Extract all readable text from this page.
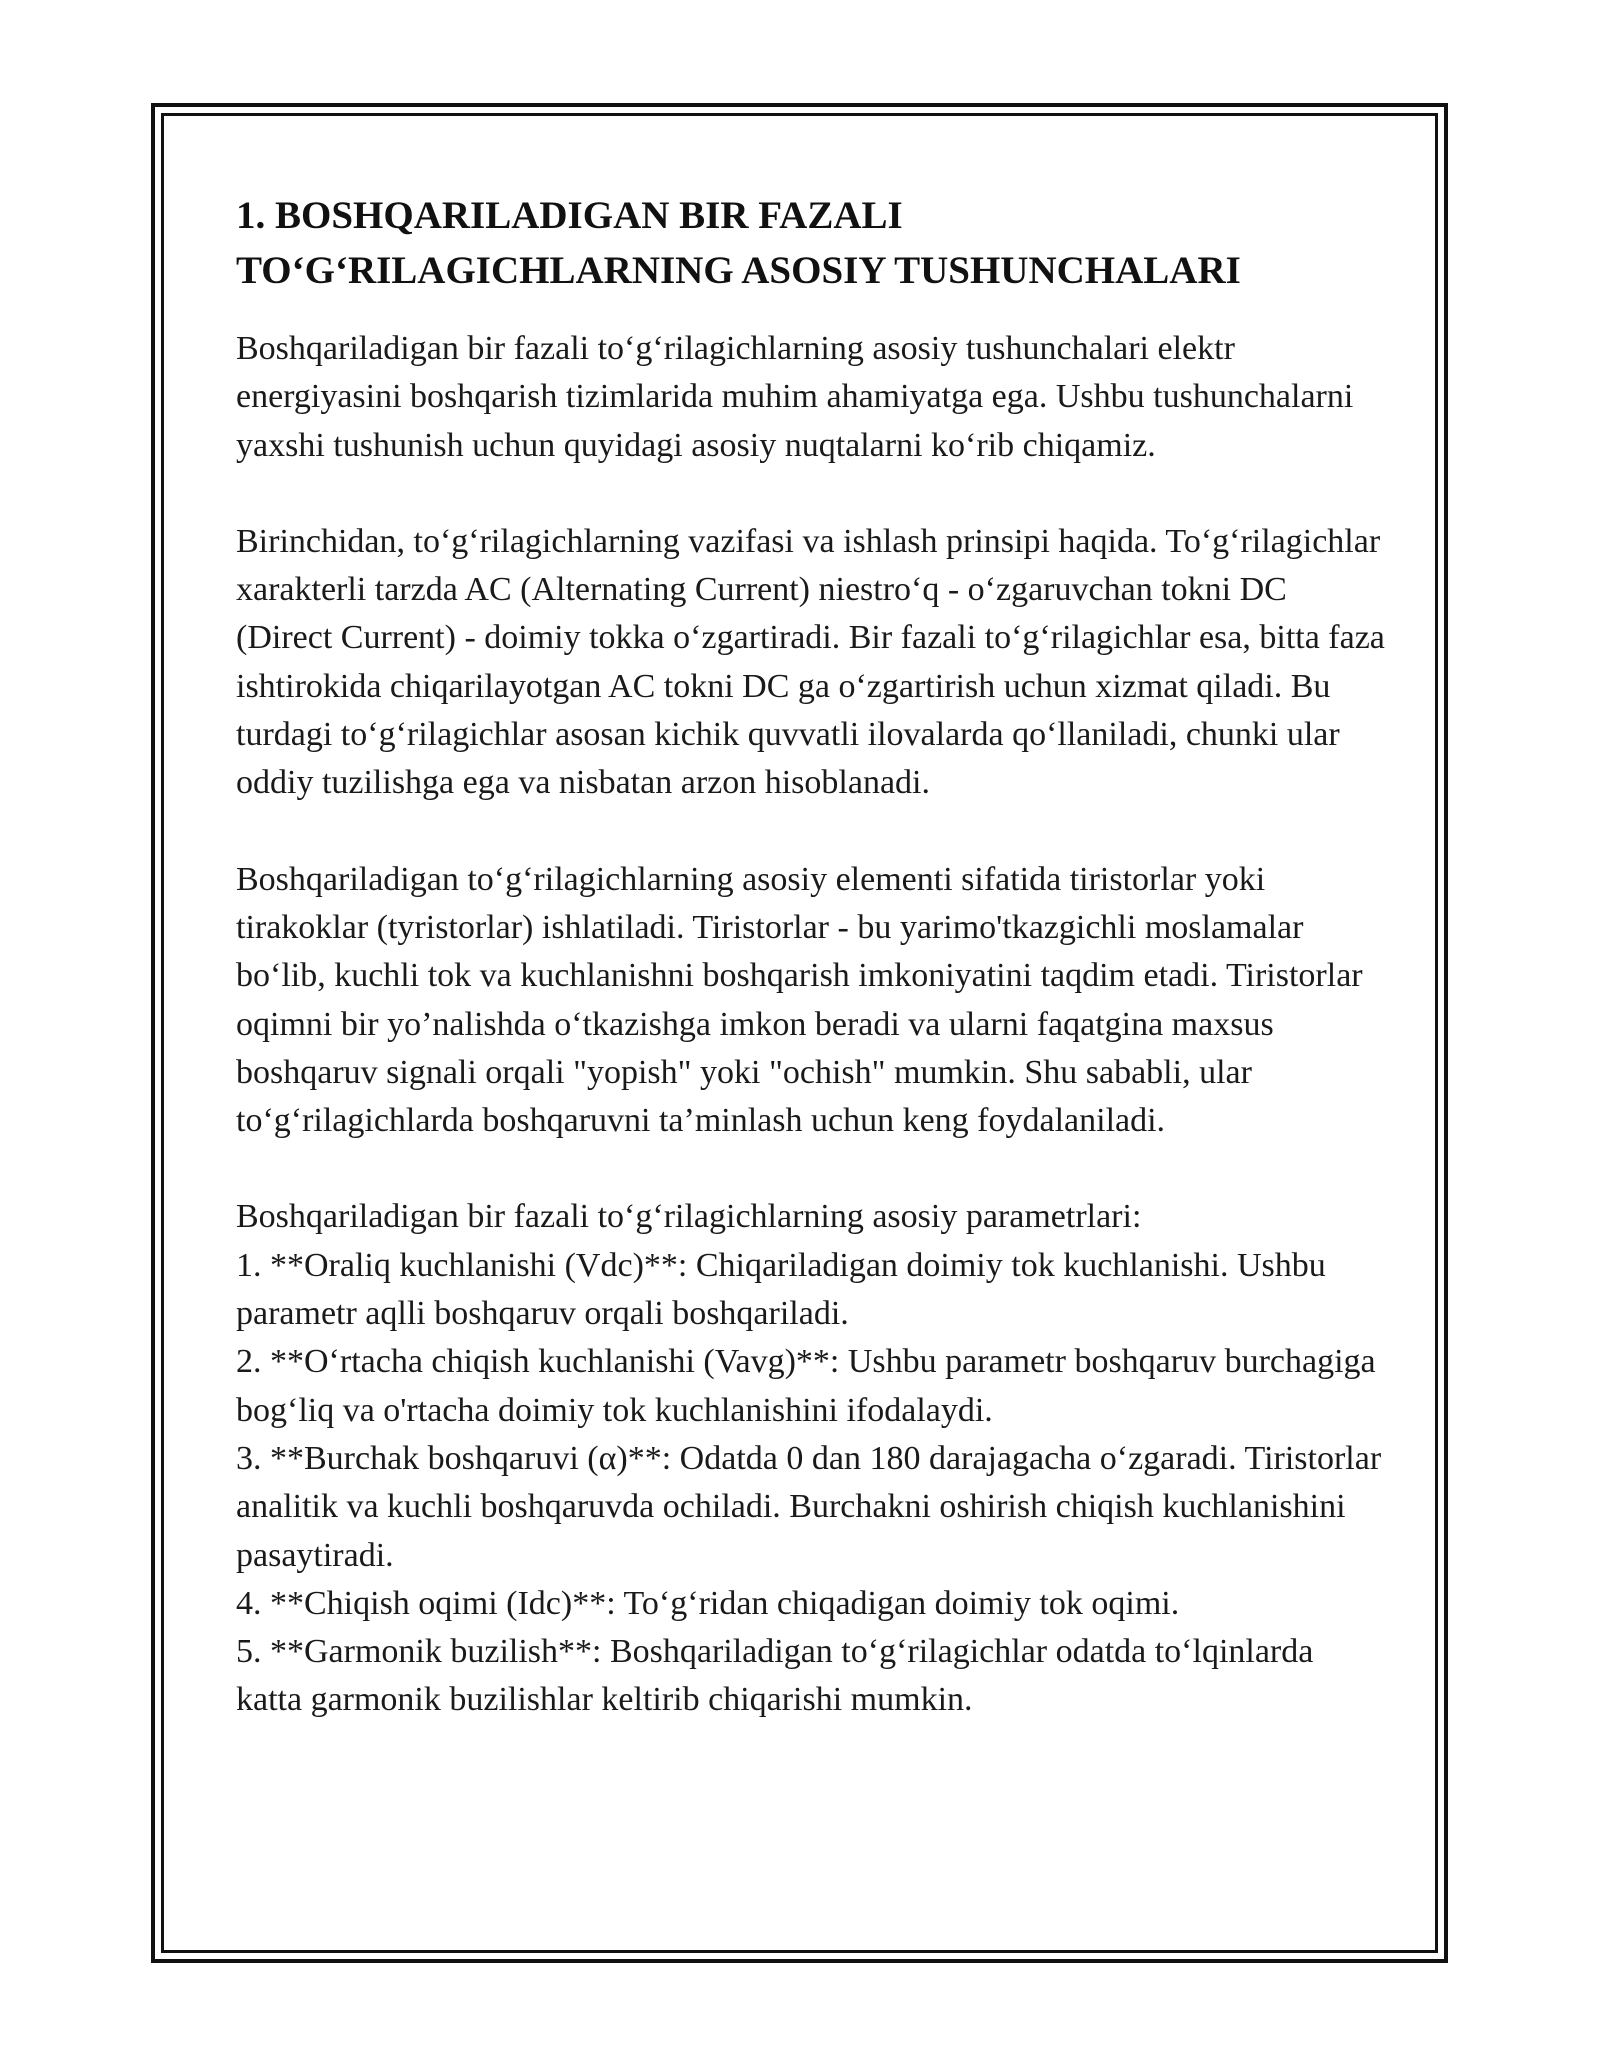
1. BOSHQARILADIGAN BIR FAZALI
TO‘G‘RILAGICHLARNING ASOSIY TUSHUNCHALARI

Boshqariladigan bir fazali to‘g‘rilagichlarning asosiy tushunchalari elektr energiyasini boshqarish tizimlarida muhim ahamiyatga ega. Ushbu tushunchalarni yaxshi tushunish uchun quyidagi asosiy nuqtalarni ko‘rib chiqamiz.

Birinchidan, to‘g‘rilagichlarning vazifasi va ishlash prinsipi haqida. To‘g‘rilagichlar xarakterli tarzda AC (Alternating Current) niestro‘q - o‘zgaruvchan tokni DC (Direct Current) - doimiy tokka o‘zgartiradi. Bir fazali to‘g‘rilagichlar esa, bitta faza ishtirokida chiqarilayotgan AC tokni DC ga o‘zgartirish uchun xizmat qiladi. Bu turdagi to‘g‘rilagichlar asosan kichik quvvatli ilovalarda qo‘llaniladi, chunki ular oddiy tuzilishga ega va nisbatan arzon hisoblanadi.

Boshqariladigan to‘g‘rilagichlarning asosiy elementi sifatida tiristorlar yoki tirakoklar (tyristorlar) ishlatiladi. Tiristorlar - bu yarimo'tkazgichli moslamalar bo‘lib, kuchli tok va kuchlanishni boshqarish imkoniyatini taqdim etadi. Tiristorlar oqimni bir yo’nalishda o‘tkazishga imkon beradi va ularni faqatgina maxsus boshqaruv signali orqali "yopish" yoki "ochish" mumkin. Shu sababli, ular to‘g‘rilagichlarda boshqaruvni ta’minlash uchun keng foydalaniladi.

Boshqariladigan bir fazali to‘g‘rilagichlarning asosiy parametrlari:

1. **Oraliq kuchlanishi (Vdc)**: Chiqariladigan doimiy tok kuchlanishi. Ushbu parametr aqlli boshqaruv orqali boshqariladi.
2. **O‘rtacha chiqish kuchlanishi (Vavg)**: Ushbu parametr boshqaruv burchagiga bog‘liq va o'rtacha doimiy tok kuchlanishini ifodalaydi.
3. **Burchak boshqaruvi (α)**: Odatda 0 dan 180 darajagacha o‘zgaradi. Tiristorlar analitik va kuchli boshqaruvda ochiladi. Burchakni oshirish chiqish kuchlanishini pasaytiradi.
4. **Chiqish oqimi (Idc)**: To‘g‘ridan chiqadigan doimiy tok oqimi.
5. **Garmonik buzilish**: Boshqariladigan to‘g‘rilagichlar odatda to‘lqinlarda katta garmonik buzilishlar keltirib chiqarishi mumkin.
